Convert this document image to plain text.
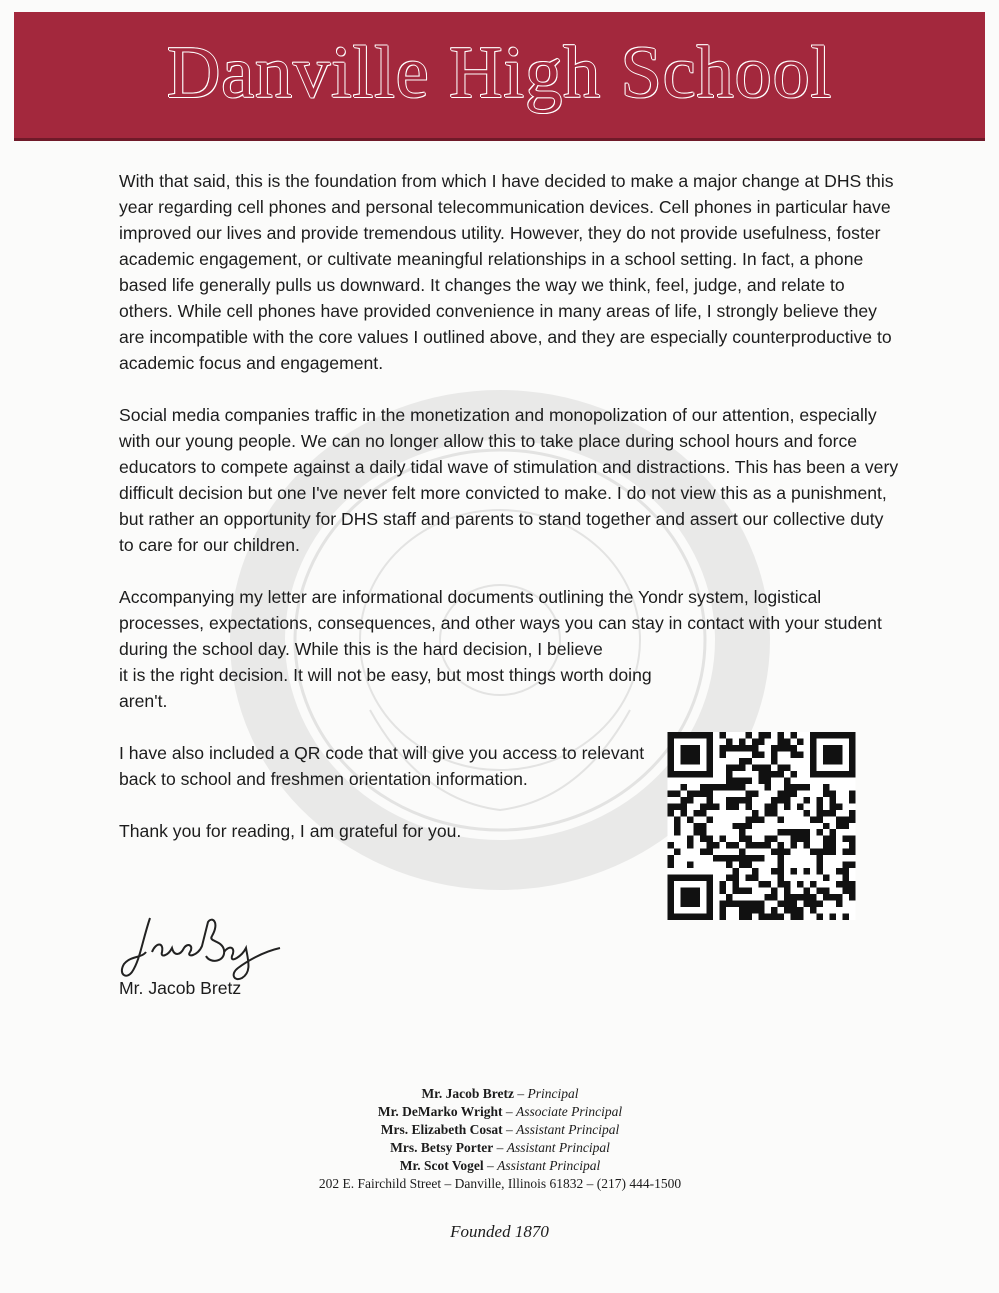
Danville High School

With that said, this is the foundation from which I have decided to make a major change at DHS this year regarding cell phones and personal telecommunication devices. Cell phones in particular have improved our lives and provide tremendous utility. However, they do not provide usefulness, foster academic engagement, or cultivate meaningful relationships in a school setting. In fact, a phone based life generally pulls us downward. It changes the way we think, feel, judge, and relate to others. While cell phones have provided convenience in many areas of life, I strongly believe they are incompatible with the core values I outlined above, and they are especially counterproductive to academic focus and engagement.

Social media companies traffic in the monetization and monopolization of our attention, especially with our young people. We can no longer allow this to take place during school hours and force educators to compete against a daily tidal wave of stimulation and distractions. This has been a very difficult decision but one I've never felt more convicted to make. I do not view this as a punishment, but rather an opportunity for DHS staff and parents to stand together and assert our collective duty to care for our children.

Accompanying my letter are informational documents outlining the Yondr system, logistical processes, expectations, consequences, and other ways you can stay in contact with your student during the school day. While this is the hard decision, I believe

it is the right decision. It will not be easy, but most things worth doing aren't.

I have also included a QR code that will give you access to relevant back to school and freshmen orientation information.

Thank you for reading, I am grateful for you.

Mr. Jacob Bretz
Mr. Jacob Bretz – Principal
Mr. DeMarko Wright – Associate Principal
Mrs. Elizabeth Cosat – Assistant Principal
Mrs. Betsy Porter – Assistant Principal
Mr. Scot Vogel – Assistant Principal
202 E. Fairchild Street – Danville, Illinois 61832 – (217) 444-1500
Founded 1870
